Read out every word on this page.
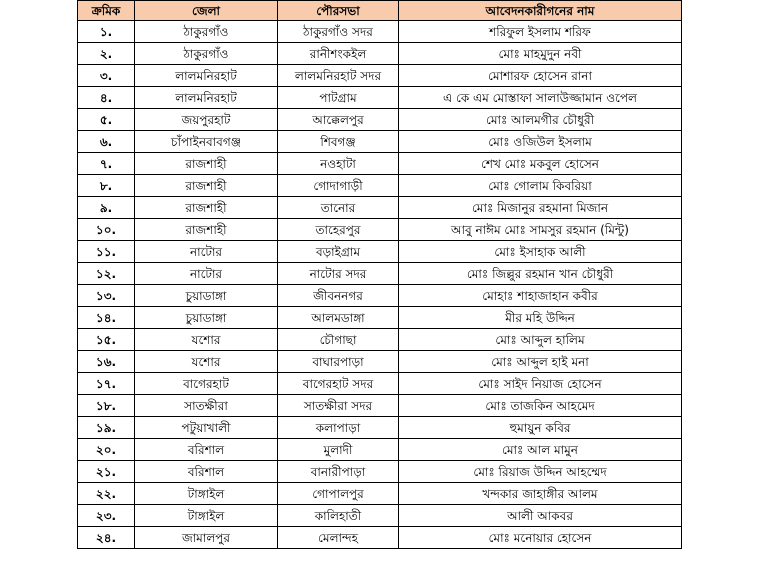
ক্রমিক	জেলা	পৌরসভা	আবেদনকারীগনের নাম
১.	ঠাকুরগাঁও	ঠাকুরগাঁও সদর	শরিফুল ইসলাম শরিফ
২.	ঠাকুরগাঁও	রানীশংকইল	মোঃ মাহমুদুন নবী
৩.	লালমনিরহাট	লালমনিরহাট সদর	মোশারফ হোসেন রানা
৪.	লালমনিরহাট	পাটগ্রাম	এ কে এম মোস্তাফা সালাউজ্জামান ওপেল
৫.	জয়পুরহাট	আক্কেলপুর	মোঃ আলমগীর চৌধুরী
৬.	চাঁপাইনবাবগঞ্জ	শিবগঞ্জ	মোঃ ওজিউল ইসলাম
৭.	রাজশাহী	নওহাটা	শেখ মোঃ মকবুল হোসেন
৮.	রাজশাহী	গোদাগাড়ী	মোঃ গোলাম কিবরিয়া
৯.	রাজশাহী	তানোর	মোঃ মিজানুর রহমানা মিজান
১০.	রাজশাহী	তাহেরপুর	আবু নাঈম মোঃ সামসুর রহমান (মিন্টু)
১১.	নাটোর	বড়াইগ্রাম	মোঃ ইসাহাক আলী
১২.	নাটোর	নাটোর সদর	মোঃ জিল্লুর রহমান খান চৌধুরী
১৩.	চুয়াডাঙ্গা	জীবননগর	মোহাঃ শাহাজাহান কবীর
১৪.	চুয়াডাঙ্গা	আলমডাঙ্গা	মীর মহি উদ্দিন
১৫.	যশোর	চৌগাছা	মোঃ আব্দুল হালিম
১৬.	যশোর	বাঘারপাড়া	মোঃ আব্দুল হাই মনা
১৭.	বাগেরহাট	বাগেরহাট সদর	মোঃ সাইদ নিয়াজ হোসেন
১৮.	সাতক্ষীরা	সাতক্ষীরা সদর	মোঃ তাজকিন আহমেদ
১৯.	পটুয়াখালী	কলাপাড়া	হুমায়ুন কবির
২০.	বরিশাল	মুলাদী	মোঃ আল মামুন
২১.	বরিশাল	বানারীপাড়া	মোঃ রিয়াজ উদ্দিন আহম্মেদ
২২.	টাঙ্গাইল	গোপালপুর	খন্দকার জাহাঙ্গীর আলম
২৩.	টাঙ্গাইল	কালিহাতী	আলী আকবর
২৪.	জামালপুর	মেলান্দহ	মোঃ মনোয়ার হোসেন
